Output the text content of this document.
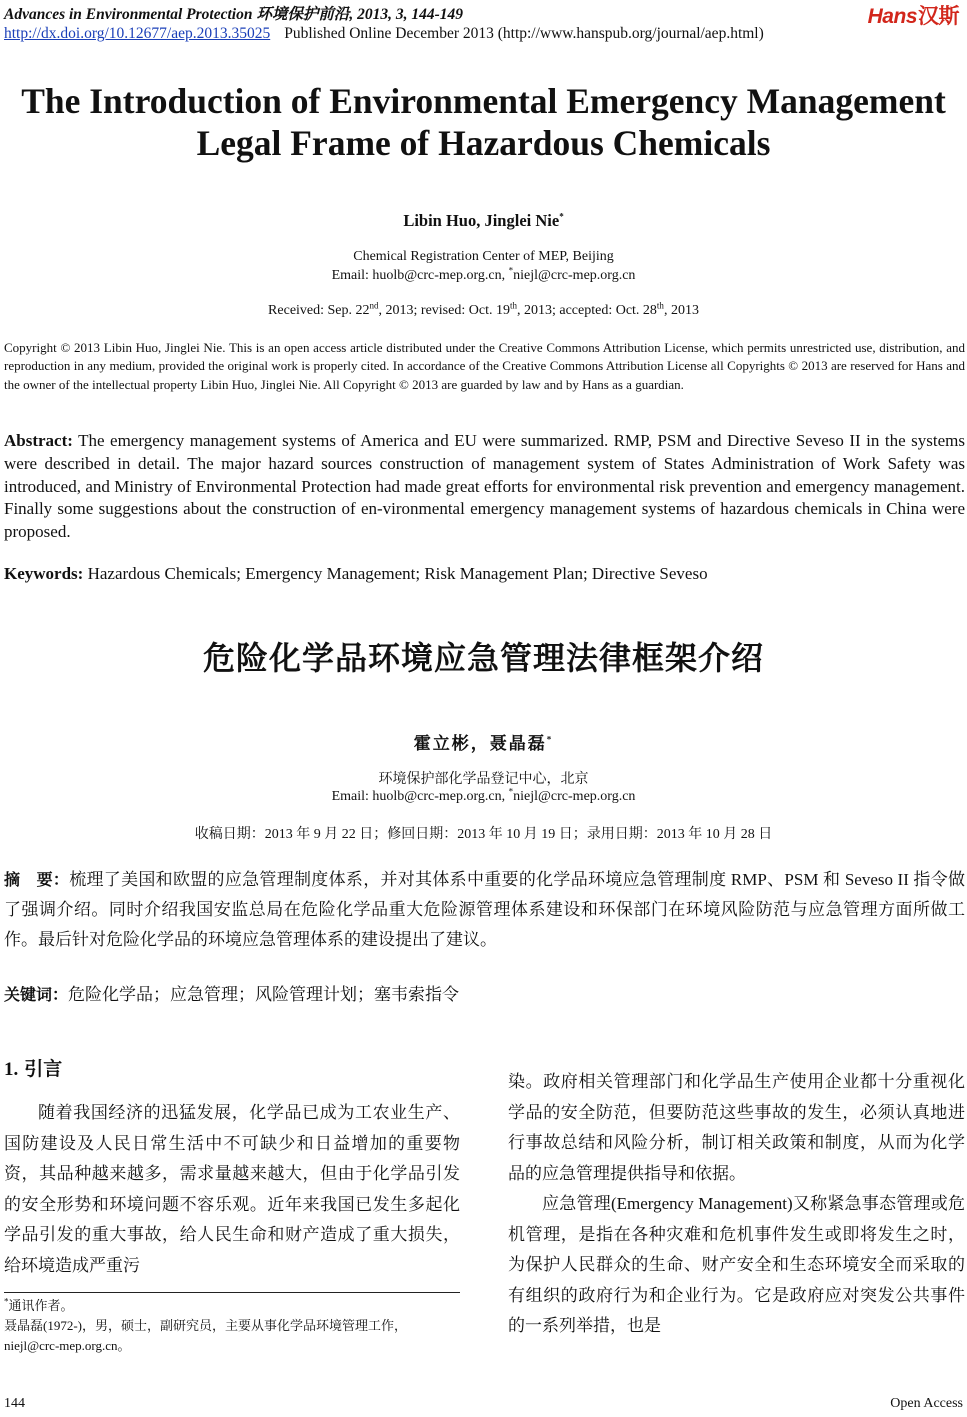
Advances in Environmental Protection 环境保护前沿, 2013, 3, 144-149
http://dx.doi.org/10.12677/aep.2013.35025 Published Online December 2013 (http://www.hanspub.org/journal/aep.html)
Hans汉斯
The Introduction of Environmental Emergency Management
Legal Frame of Hazardous Chemicals
Libin Huo, Jinglei Nie*
Chemical Registration Center of MEP, Beijing
Email: huolb@crc-mep.org.cn, *niejl@crc-mep.org.cn
Received: Sep. 22nd, 2013; revised: Oct. 19th, 2013; accepted: Oct. 28th, 2013
Copyright © 2013 Libin Huo, Jinglei Nie. This is an open access article distributed under the Creative Commons Attribution License, which permits unrestricted use, distribution, and reproduction in any medium, provided the original work is properly cited. In accordance of the Creative Commons Attribution License all Copyrights © 2013 are reserved for Hans and the owner of the intellectual property Libin Huo, Jinglei Nie. All Copyright © 2013 are guarded by law and by Hans as a guardian.
Abstract: The emergency management systems of America and EU were summarized. RMP, PSM and Directive Seveso II in the systems were described in detail. The major hazard sources construction of management system of States Administration of Work Safety was introduced, and Ministry of Environmental Protection had made great efforts for environmental risk prevention and emergency management. Finally some suggestions about the construction of en-vironmental emergency management systems of hazardous chemicals in China were proposed.
Keywords: Hazardous Chemicals; Emergency Management; Risk Management Plan; Directive Seveso
危险化学品环境应急管理法律框架介绍
霍立彬，聂晶磊*
环境保护部化学品登记中心，北京
Email: huolb@crc-mep.org.cn, *niejl@crc-mep.org.cn
收稿日期：2013 年 9 月 22 日；修回日期：2013 年 10 月 19 日；录用日期：2013 年 10 月 28 日
摘　要：梳理了美国和欧盟的应急管理制度体系，并对其体系中重要的化学品环境应急管理制度 RMP、PSM 和 Seveso II 指令做了强调介绍。同时介绍我国安监总局在危险化学品重大危险源管理体系建设和环保部门在环境风险防范与应急管理方面所做工作。最后针对危险化学品的环境应急管理体系的建设提出了建议。
关键词：危险化学品；应急管理；风险管理计划；塞韦索指令
1. 引言

随着我国经济的迅猛发展，化学品已成为工农业生产、国防建设及人民日常生活中不可缺少和日益增加的重要物资，其品种越来越多，需求量越来越大，但由于化学品引发的安全形势和环境问题不容乐观。近年来我国已发生多起化学品引发的重大事故，给人民生命和财产造成了重大损失，给环境造成严重污

染。政府相关管理部门和化学品生产使用企业都十分重视化学品的安全防范，但要防范这些事故的发生，必须认真地进行事故总结和风险分析，制订相关政策和制度，从而为化学品的应急管理提供指导和依据。

应急管理(Emergency Management)又称紧急事态管理或危机管理，是指在各种灾难和危机事件发生或即将发生之时，为保护人民群众的生命、财产安全和生态环境安全而采取的有组织的政府行为和企业行为。它是政府应对突发公共事件的一系列举措，也是

*通讯作者。
聂晶磊(1972-)，男，硕士，副研究员，主要从事化学品环境管理工作，niejl@crc-mep.org.cn。
144	Open Access
